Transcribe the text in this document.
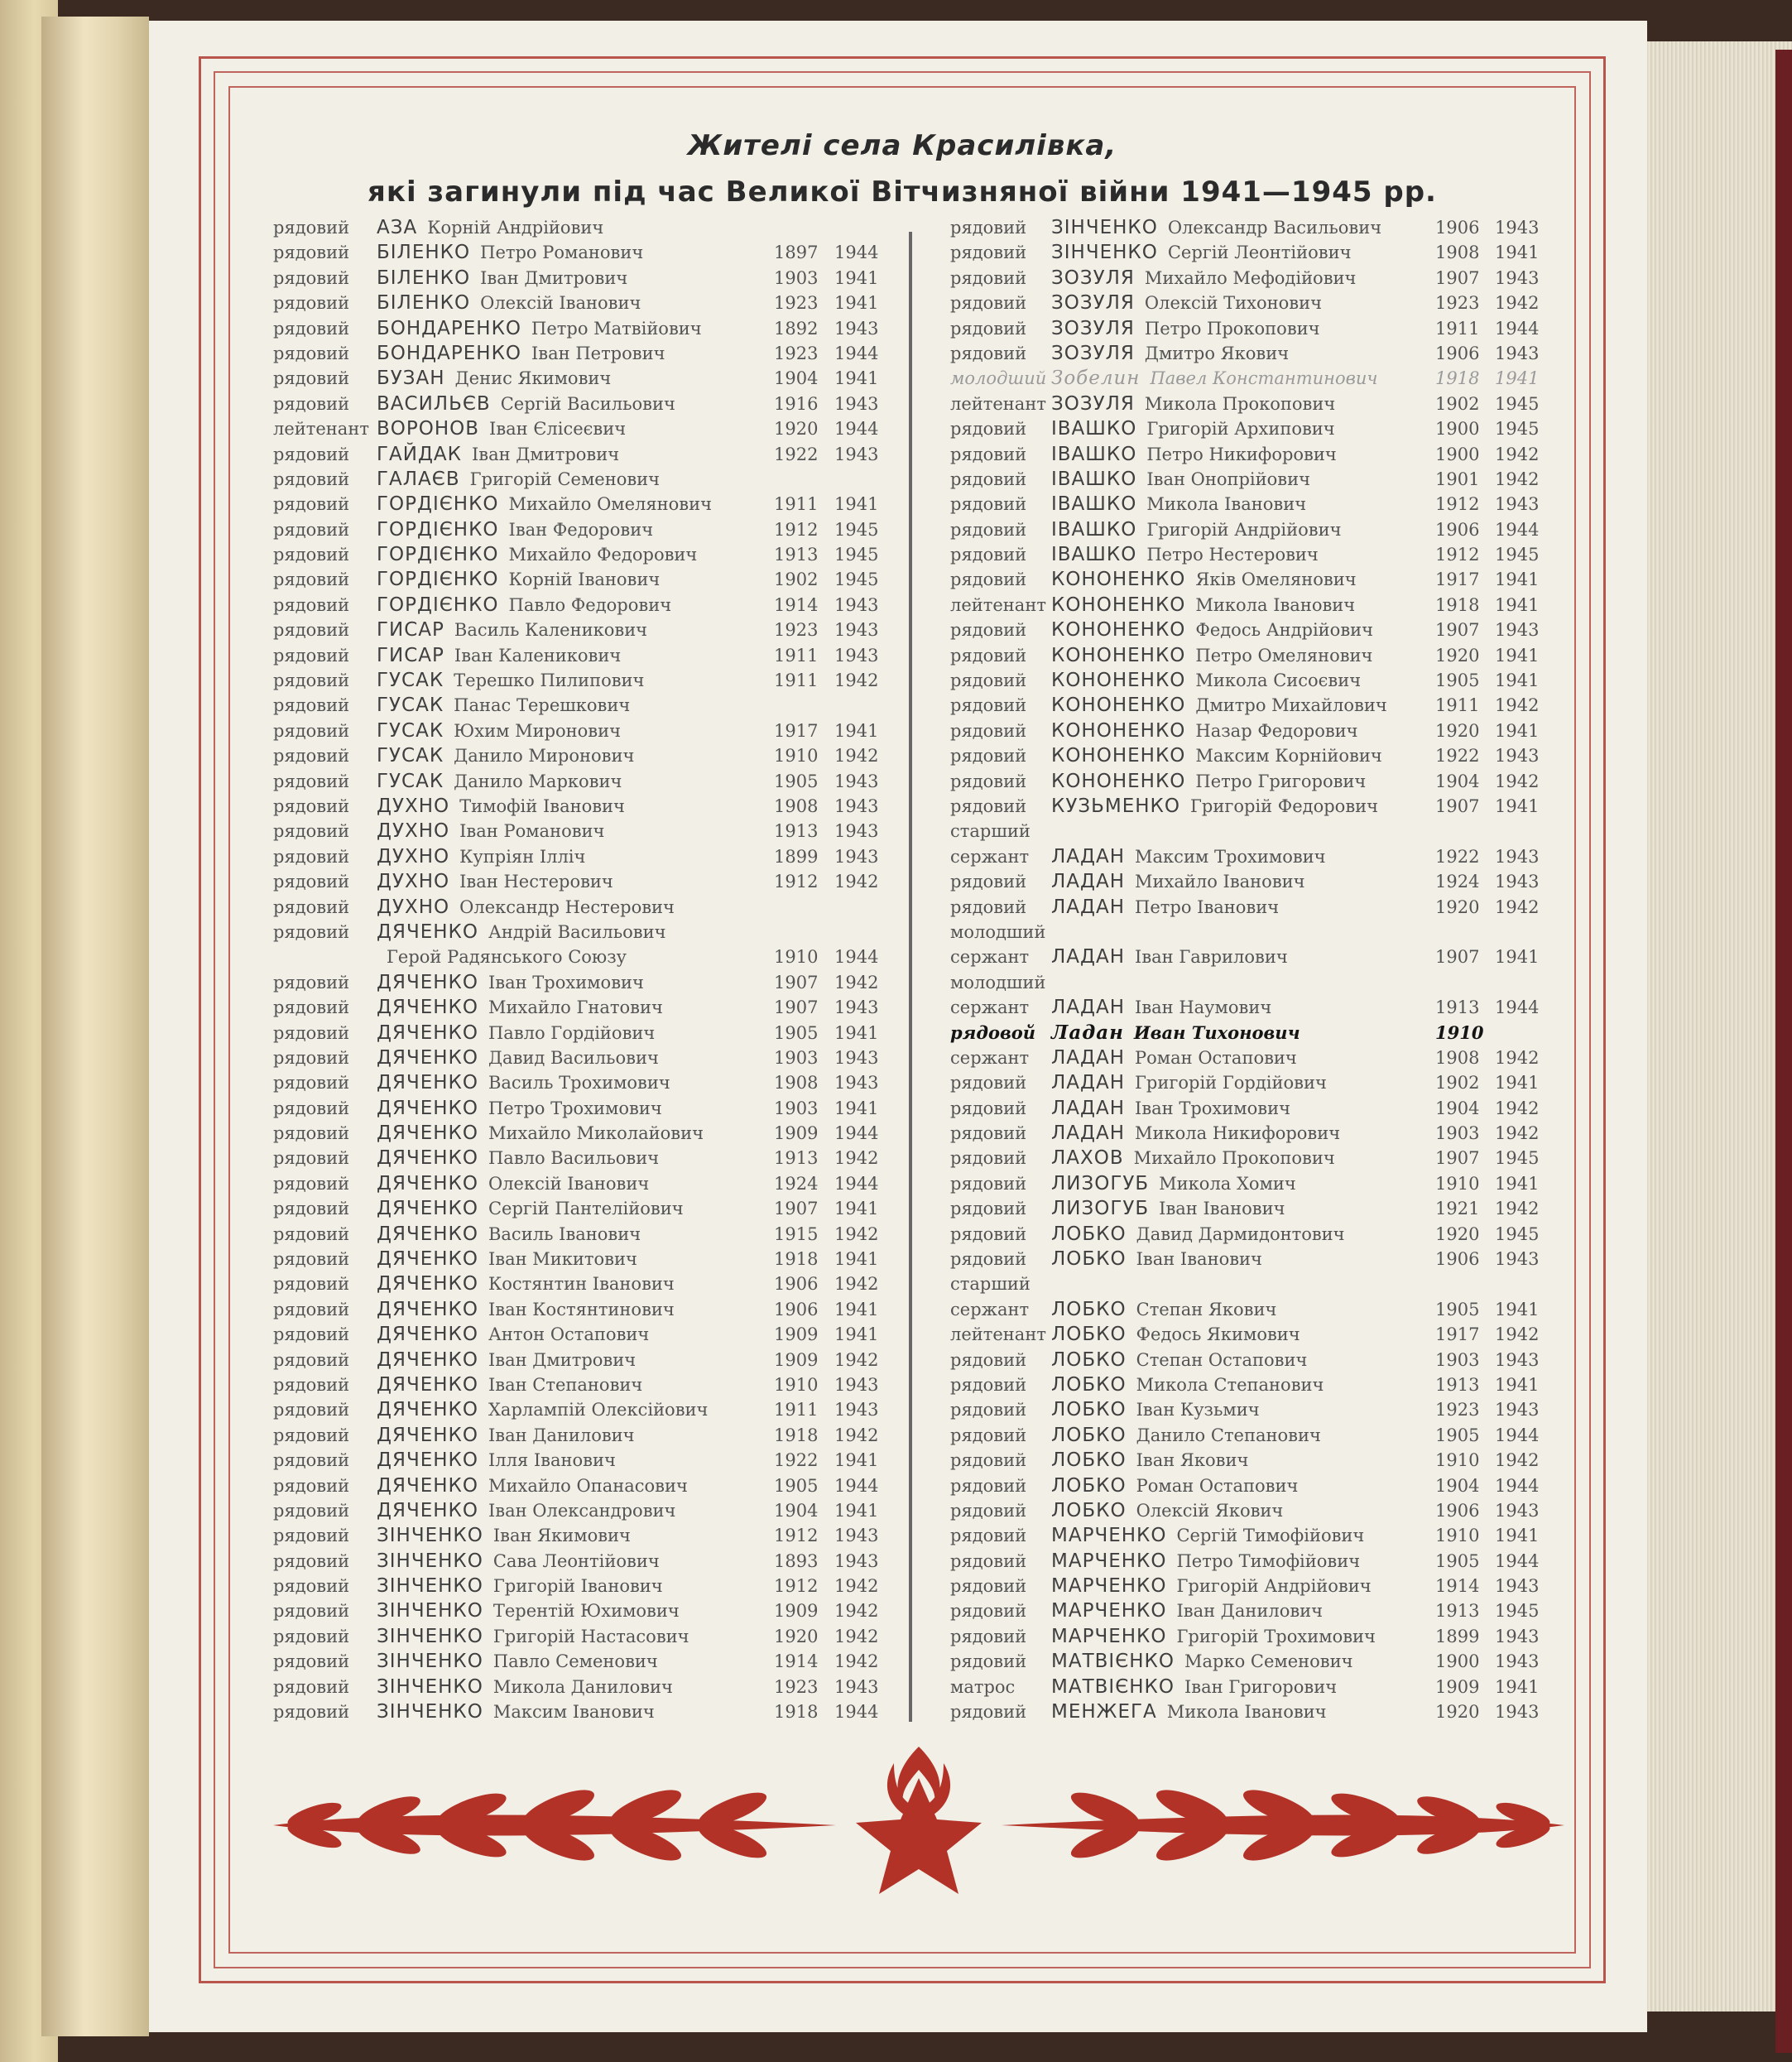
Жителі села Красилівка,
які загинули під час Великої Вітчизняної війни 1941—1945 рр.
рядовий	АЗА Корній Андрійович
рядовий	БІЛЕНКО Петро Романович	1897 1944
рядовий	БІЛЕНКО Іван Дмитрович	1903 1941
рядовий	БІЛЕНКО Олексій Іванович	1923 1941
рядовий	БОНДАРЕНКО Петро Матвійович	1892 1943
рядовий	БОНДАРЕНКО Іван Петрович	1923 1944
рядовий	БУЗАН Денис Якимович	1904 1941
рядовий	ВАСИЛЬЄВ Сергій Васильович	1916 1943
лейтенант ВОРОНОВ Іван Єлісеєвич	1920 1944
рядовий	ГАЙДАК Іван Дмитрович	1922 1943
рядовий	ГАЛАЄВ Григорій Семенович
рядовий	ГОРДІЄНКО Михайло Омелянович	1911 1941
рядовий	ГОРДІЄНКО Іван Федорович	1912 1945
рядовий	ГОРДІЄНКО Михайло Федорович	1913 1945
рядовий	ГОРДІЄНКО Корній Іванович	1902 1945
рядовий	ГОРДІЄНКО Павло Федорович	1914 1943
рядовий	ГИСАР Василь Каленикович	1923 1943
рядовий	ГИСАР Іван Каленикович	1911 1943
рядовий	ГУСАК Терешко Пилипович	1911 1942
рядовий	ГУСАК Панас Терешкович
рядовий	ГУСАК Юхим Миронович	1917 1941
рядовий	ГУСАК Данило Миронович	1910 1942
рядовий	ГУСАК Данило Маркович	1905 1943
рядовий	ДУХНО Тимофій Іванович	1908 1943
рядовий	ДУХНО Іван Романович	1913 1943
рядовий	ДУХНО Купріян Ілліч	1899 1943
рядовий	ДУХНО Іван Нестерович	1912 1942
рядовий	ДУХНО Олександр Нестерович
рядовий	ДЯЧЕНКО Андрій Васильович
Герой Радянського Союзу	1910 1944
рядовий	ДЯЧЕНКО Іван Трохимович	1907 1942
рядовий	ДЯЧЕНКО Михайло Гнатович	1907 1943
рядовий	ДЯЧЕНКО Павло Гордійович	1905 1941
рядовий	ДЯЧЕНКО Давид Васильович	1903 1943
рядовий	ДЯЧЕНКО Василь Трохимович	1908 1943
рядовий	ДЯЧЕНКО Петро Трохимович	1903 1941
рядовий	ДЯЧЕНКО Михайло Миколайович	1909 1944
рядовий	ДЯЧЕНКО Павло Васильович	1913 1942
рядовий	ДЯЧЕНКО Олексій Іванович	1924 1944
рядовий	ДЯЧЕНКО Сергій Пантелійович	1907 1941
рядовий	ДЯЧЕНКО Василь Іванович	1915 1942
рядовий	ДЯЧЕНКО Іван Микитович	1918 1941
рядовий	ДЯЧЕНКО Костянтин Іванович	1906 1942
рядовий	ДЯЧЕНКО Іван Костянтинович	1906 1941
рядовий	ДЯЧЕНКО Антон Остапович	1909 1941
рядовий	ДЯЧЕНКО Іван Дмитрович	1909 1942
рядовий	ДЯЧЕНКО Іван Степанович	1910 1943
рядовий	ДЯЧЕНКО Харлампій Олексійович	1911 1943
рядовий	ДЯЧЕНКО Іван Данилович	1918 1942
рядовий	ДЯЧЕНКО Ілля Іванович	1922 1941
рядовий	ДЯЧЕНКО Михайло Опанасович	1905 1944
рядовий	ДЯЧЕНКО Іван Олександрович	1904 1941
рядовий	ЗІНЧЕНКО Іван Якимович	1912 1943
рядовий	ЗІНЧЕНКО Сава Леонтійович	1893 1943
рядовий	ЗІНЧЕНКО Григорій Іванович	1912 1942
рядовий	ЗІНЧЕНКО Терентій Юхимович	1909 1942
рядовий	ЗІНЧЕНКО Григорій Настасович	1920 1942
рядовий	ЗІНЧЕНКО Павло Семенович	1914 1942
рядовий	ЗІНЧЕНКО Микола Данилович	1923 1943
рядовий	ЗІНЧЕНКО Максим Іванович	1918 1944
рядовий	ЗІНЧЕНКО Олександр Васильович	1906 1943
рядовий	ЗІНЧЕНКО Сергій Леонтійович	1908 1941
рядовий	ЗОЗУЛЯ Михайло Мефодійович	1907 1943
рядовий	ЗОЗУЛЯ Олексій Тихонович	1923 1942
рядовий	ЗОЗУЛЯ Петро Прокопович	1911 1944
рядовий	ЗОЗУЛЯ Дмитро Якович	1906 1943
молодший Зобелин Павел Константинович	1918 1941
лейтенант ЗОЗУЛЯ Микола Прокопович	1902 1945
рядовий	ІВАШКО Григорій Архипович	1900 1945
рядовий	ІВАШКО Петро Никифорович	1900 1942
рядовий	ІВАШКО Іван Онопрійович	1901 1942
рядовий	ІВАШКО Микола Іванович	1912 1943
рядовий	ІВАШКО Григорій Андрійович	1906 1944
рядовий	ІВАШКО Петро Нестерович	1912 1945
рядовий	КОНОНЕНКО Яків Омелянович	1917 1941
лейтенант КОНОНЕНКО Микола Іванович	1918 1941
рядовий	КОНОНЕНКО Федось Андрійович	1907 1943
рядовий	КОНОНЕНКО Петро Омелянович	1920 1941
рядовий	КОНОНЕНКО Микола Сисоєвич	1905 1941
рядовий	КОНОНЕНКО Дмитро Михайлович	1911 1942
рядовий	КОНОНЕНКО Назар Федорович	1920 1941
рядовий	КОНОНЕНКО Максим Корнійович	1922 1943
рядовий	КОНОНЕНКО Петро Григорович	1904 1942
рядовий	КУЗЬМЕНКО Григорій Федорович	1907 1941
старший
сержант	ЛАДАН Максим Трохимович	1922 1943
рядовий	ЛАДАН Михайло Іванович	1924 1943
рядовий	ЛАДАН Петро Іванович	1920 1942
молодший
сержант	ЛАДАН Іван Гаврилович	1907 1941
молодший
сержант	ЛАДАН Іван Наумович	1913 1944
рядовой Ладан Иван Тихонович	1910
сержант	ЛАДАН Роман Остапович	1908 1942
рядовий	ЛАДАН Григорій Гордійович	1902 1941
рядовий	ЛАДАН Іван Трохимович	1904 1942
рядовий	ЛАДАН Микола Никифорович	1903 1942
рядовий	ЛАХОВ Михайло Прокопович	1907 1945
рядовий	ЛИЗОГУБ Микола Хомич	1910 1941
рядовий	ЛИЗОГУБ Іван Іванович	1921 1942
рядовий	ЛОБКО Давид Дармидонтович	1920 1945
рядовий	ЛОБКО Іван Іванович	1906 1943
старший
сержант	ЛОБКО Степан Якович	1905 1941
лейтенант ЛОБКО Федось Якимович	1917 1942
рядовий	ЛОБКО Степан Остапович	1903 1943
рядовий	ЛОБКО Микола Степанович	1913 1941
рядовий	ЛОБКО Іван Кузьмич	1923 1943
рядовий	ЛОБКО Данило Степанович	1905 1944
рядовий	ЛОБКО Іван Якович	1910 1942
рядовий	ЛОБКО Роман Остапович	1904 1944
рядовий	ЛОБКО Олексій Якович	1906 1943
рядовий	МАРЧЕНКО Сергій Тимофійович	1910 1941
рядовий	МАРЧЕНКО Петро Тимофійович	1905 1944
рядовий	МАРЧЕНКО Григорій Андрійович	1914 1943
рядовий	МАРЧЕНКО Іван Данилович	1913 1945
рядовий	МАРЧЕНКО Григорій Трохимович	1899 1943
рядовий	МАТВІЄНКО Марко Семенович	1900 1943
матрос	МАТВІЄНКО Іван Григорович	1909 1941
рядовий	МЕНЖЕГА Микола Іванович	1920 1943
